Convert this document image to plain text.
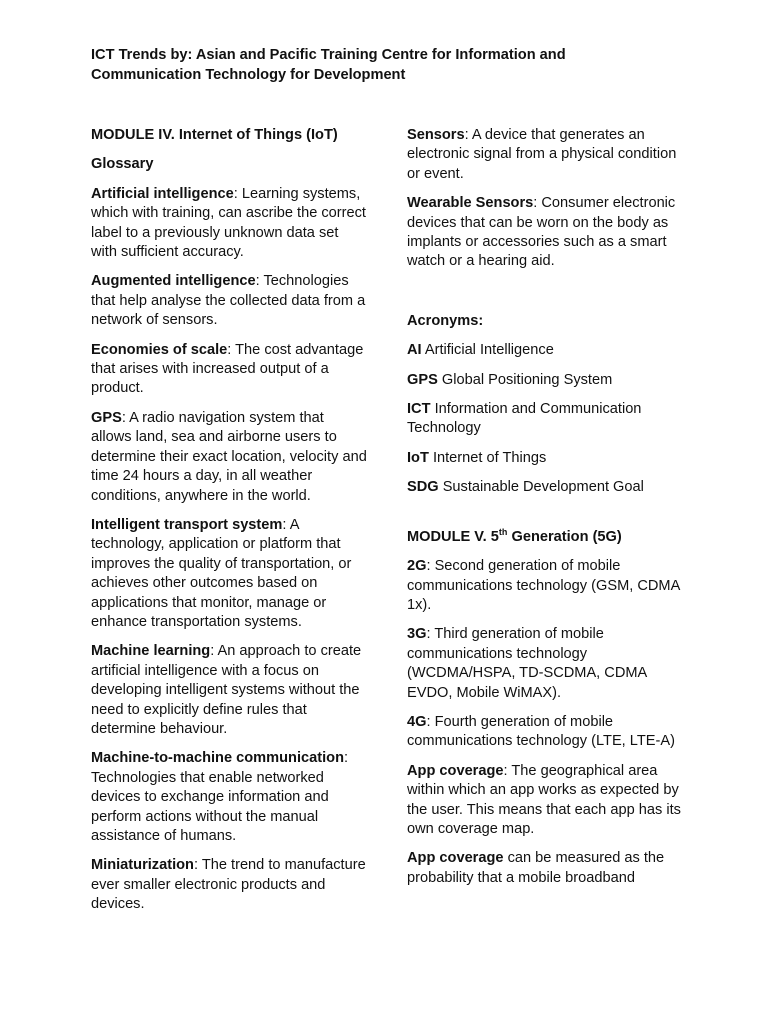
ICT Trends by: Asian and Pacific Training Centre for Information and
Communication Technology for Development
MODULE IV. Internet of Things (IoT)
Glossary
Artificial intelligence: Learning systems, which with training, can ascribe the correct label to a previously unknown data set with sufficient accuracy.
Augmented intelligence: Technologies that help analyse the collected data from a network of sensors.
Economies of scale: The cost advantage that arises with increased output of a product.
GPS: A radio navigation system that allows land, sea and airborne users to determine their exact location, velocity and time 24 hours a day, in all weather conditions, anywhere in the world.
Intelligent transport system: A technology, application or platform that improves the quality of transportation, or achieves other outcomes based on applications that monitor, manage or enhance transportation systems.
Machine learning: An approach to create artificial intelligence with a focus on developing intelligent systems without the need to explicitly define rules that determine behaviour.
Machine-to-machine communication: Technologies that enable networked devices to exchange information and perform actions without the manual assistance of humans.
Miniaturization: The trend to manufacture ever smaller electronic products and devices.
Sensors: A device that generates an electronic signal from a physical condition or event.
Wearable Sensors: Consumer electronic devices that can be worn on the body as implants or accessories such as a smart watch or a hearing aid.
Acronyms:
AI Artificial Intelligence
GPS Global Positioning System
ICT Information and Communication Technology
IoT Internet of Things
SDG Sustainable Development Goal
MODULE V. 5th Generation (5G)
2G: Second generation of mobile communications technology (GSM, CDMA 1x).
3G: Third generation of mobile communications technology (WCDMA/HSPA, TD-SCDMA, CDMA EVDO, Mobile WiMAX).
4G: Fourth generation of mobile communications technology (LTE, LTE-A)
App coverage: The geographical area within which an app works as expected by the user. This means that each app has its own coverage map.
App coverage can be measured as the probability that a mobile broadband
